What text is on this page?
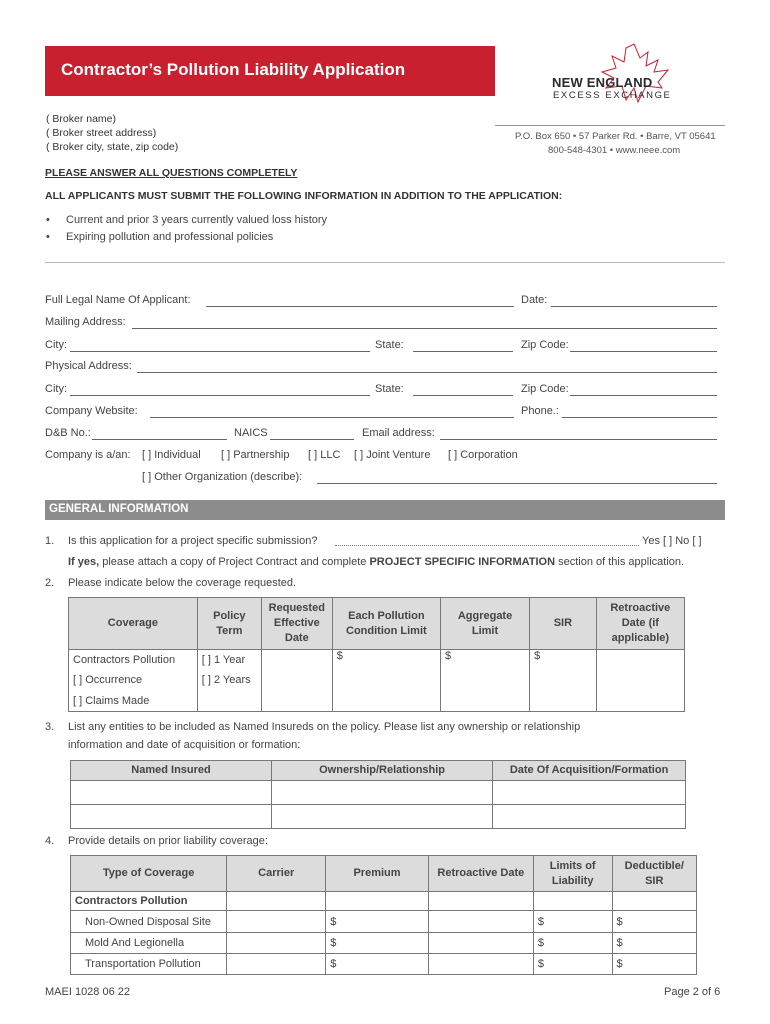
Contractor’s Pollution Liability Application
NEW ENGLAND
EXCESS EXCHANGE
( Broker name)
( Broker street address)
( Broker city, state, zip code)
P.O. Box 650 • 57 Parker Rd. • Barre, VT 05641
800-548-4301 • www.neee.com
PLEASE ANSWER ALL QUESTIONS COMPLETELY
ALL APPLICANTS MUST SUBMIT THE FOLLOWING INFORMATION IN ADDITION TO THE APPLICATION:
• Current and prior 3 years currently valued loss history
• Expiring pollution and professional policies
Full Legal Name Of Applicant:	Date:
Mailing Address:
City:	State:	Zip Code:
Physical Address:
City:	State:	Zip Code:
Company Website:	Phone.:
D&B No.:	NAICS	Email address:
Company is a/an: [ ] Individual [ ] Partnership [ ] LLC [ ] Joint Venture [ ] Corporation
[ ] Other Organization (describe):
GENERAL INFORMATION
1. Is this application for a project specific submission?	Yes [ ] No [ ]
If yes, please attach a copy of Project Contract and complete PROJECT SPECIFIC INFORMATION section of this application.
2. Please indicate below the coverage requested.
Coverage	Policy Term	Requested Effective Date	Each Pollution Condition Limit	Aggregate Limit	SIR	Retroactive Date (if applicable)
Contractors Pollution	[ ] 1 Year		$	$	$	
[ ] Occurrence	[ ] 2 Years					
[ ] Claims Made						
3. List any entities to be included as Named Insureds on the policy. Please list any ownership or relationship
information and date of acquisition or formation:
Named Insured	Ownership/Relationship	Date Of Acquisition/Formation

4. Provide details on prior liability coverage:
Type of Coverage	Carrier	Premium	Retroactive Date	Limits of Liability	Deductible/ SIR
Contractors Pollution					
Non-Owned Disposal Site		$		$	$
Mold And Legionella		$		$	$
Transportation Pollution		$		$	$
MAEI 1028 06 22	Page 2 of 6
